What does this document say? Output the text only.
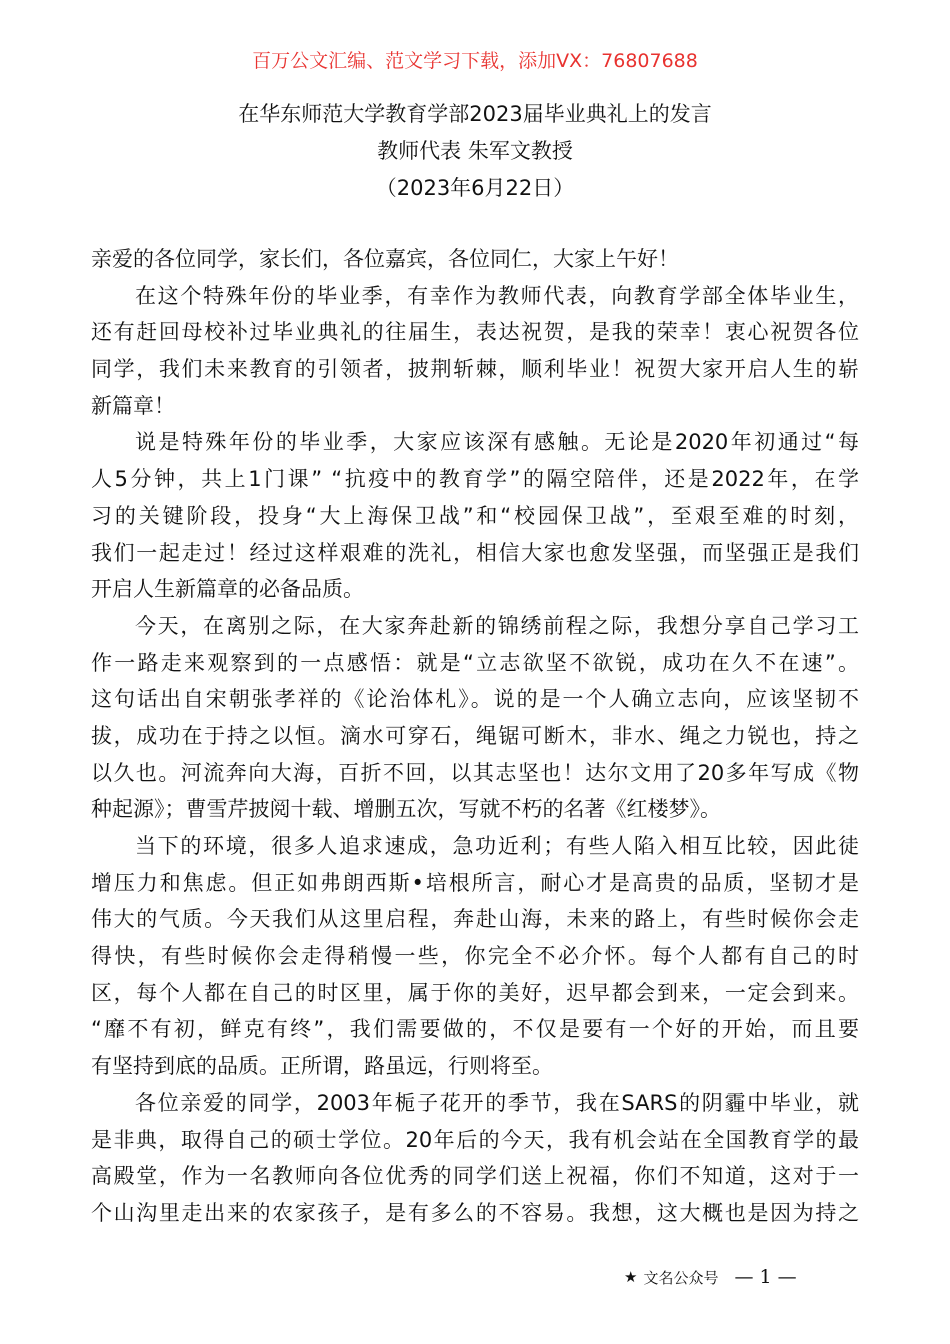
百万公文汇编、范文学习下载，添加VX：76807688
在华东师范大学教育学部2023届毕业典礼上的发言
教师代表 朱军文教授
（2023年6月22日）
亲爱的各位同学，家长们，各位嘉宾，各位同仁，大家上午好！
在这个特殊年份的毕业季，有幸作为教师代表，向教育学部全体毕业生，
还有赶回母校补过毕业典礼的往届生，表达祝贺，是我的荣幸！衷心祝贺各位
同学，我们未来教育的引领者，披荆斩棘，顺利毕业！祝贺大家开启人生的崭
新篇章！
说是特殊年份的毕业季，大家应该深有感触。无论是2020年初通过“每
人5分钟，共上1门课” “抗疫中的教育学”的隔空陪伴，还是2022年，在学
习的关键阶段，投身“大上海保卫战”和“校园保卫战”，至艰至难的时刻，
我们一起走过！经过这样艰难的洗礼，相信大家也愈发坚强，而坚强正是我们
开启人生新篇章的必备品质。
今天，在离别之际，在大家奔赴新的锦绣前程之际，我想分享自己学习工
作一路走来观察到的一点感悟：就是“立志欲坚不欲锐，成功在久不在速”。
这句话出自宋朝张孝祥的《论治体札》。说的是一个人确立志向，应该坚韧不
拔，成功在于持之以恒。滴水可穿石，绳锯可断木，非水、绳之力锐也，持之
以久也。河流奔向大海，百折不回，以其志坚也！达尔文用了20多年写成《物
种起源》；曹雪芹披阅十载、增删五次，写就不朽的名著《红楼梦》。
当下的环境，很多人追求速成，急功近利；有些人陷入相互比较，因此徒
增压力和焦虑。但正如弗朗西斯•培根所言，耐心才是高贵的品质，坚韧才是
伟大的气质。今天我们从这里启程，奔赴山海，未来的路上，有些时候你会走
得快，有些时候你会走得稍慢一些，你完全不必介怀。每个人都有自己的时
区，每个人都在自己的时区里，属于你的美好，迟早都会到来，一定会到来。
“靡不有初，鲜克有终”，我们需要做的，不仅是要有一个好的开始，而且要
有坚持到底的品质。正所谓，路虽远，行则将至。
各位亲爱的同学，2003年栀子花开的季节，我在SARS的阴霾中毕业，就
是非典，取得自己的硕士学位。20年后的今天，我有机会站在全国教育学的最
高殿堂，作为一名教师向各位优秀的同学们送上祝福，你们不知道，这对于一
个山沟里走出来的农家孩子，是有多么的不容易。我想，这大概也是因为持之
★ 文名公众号 — 1 —
